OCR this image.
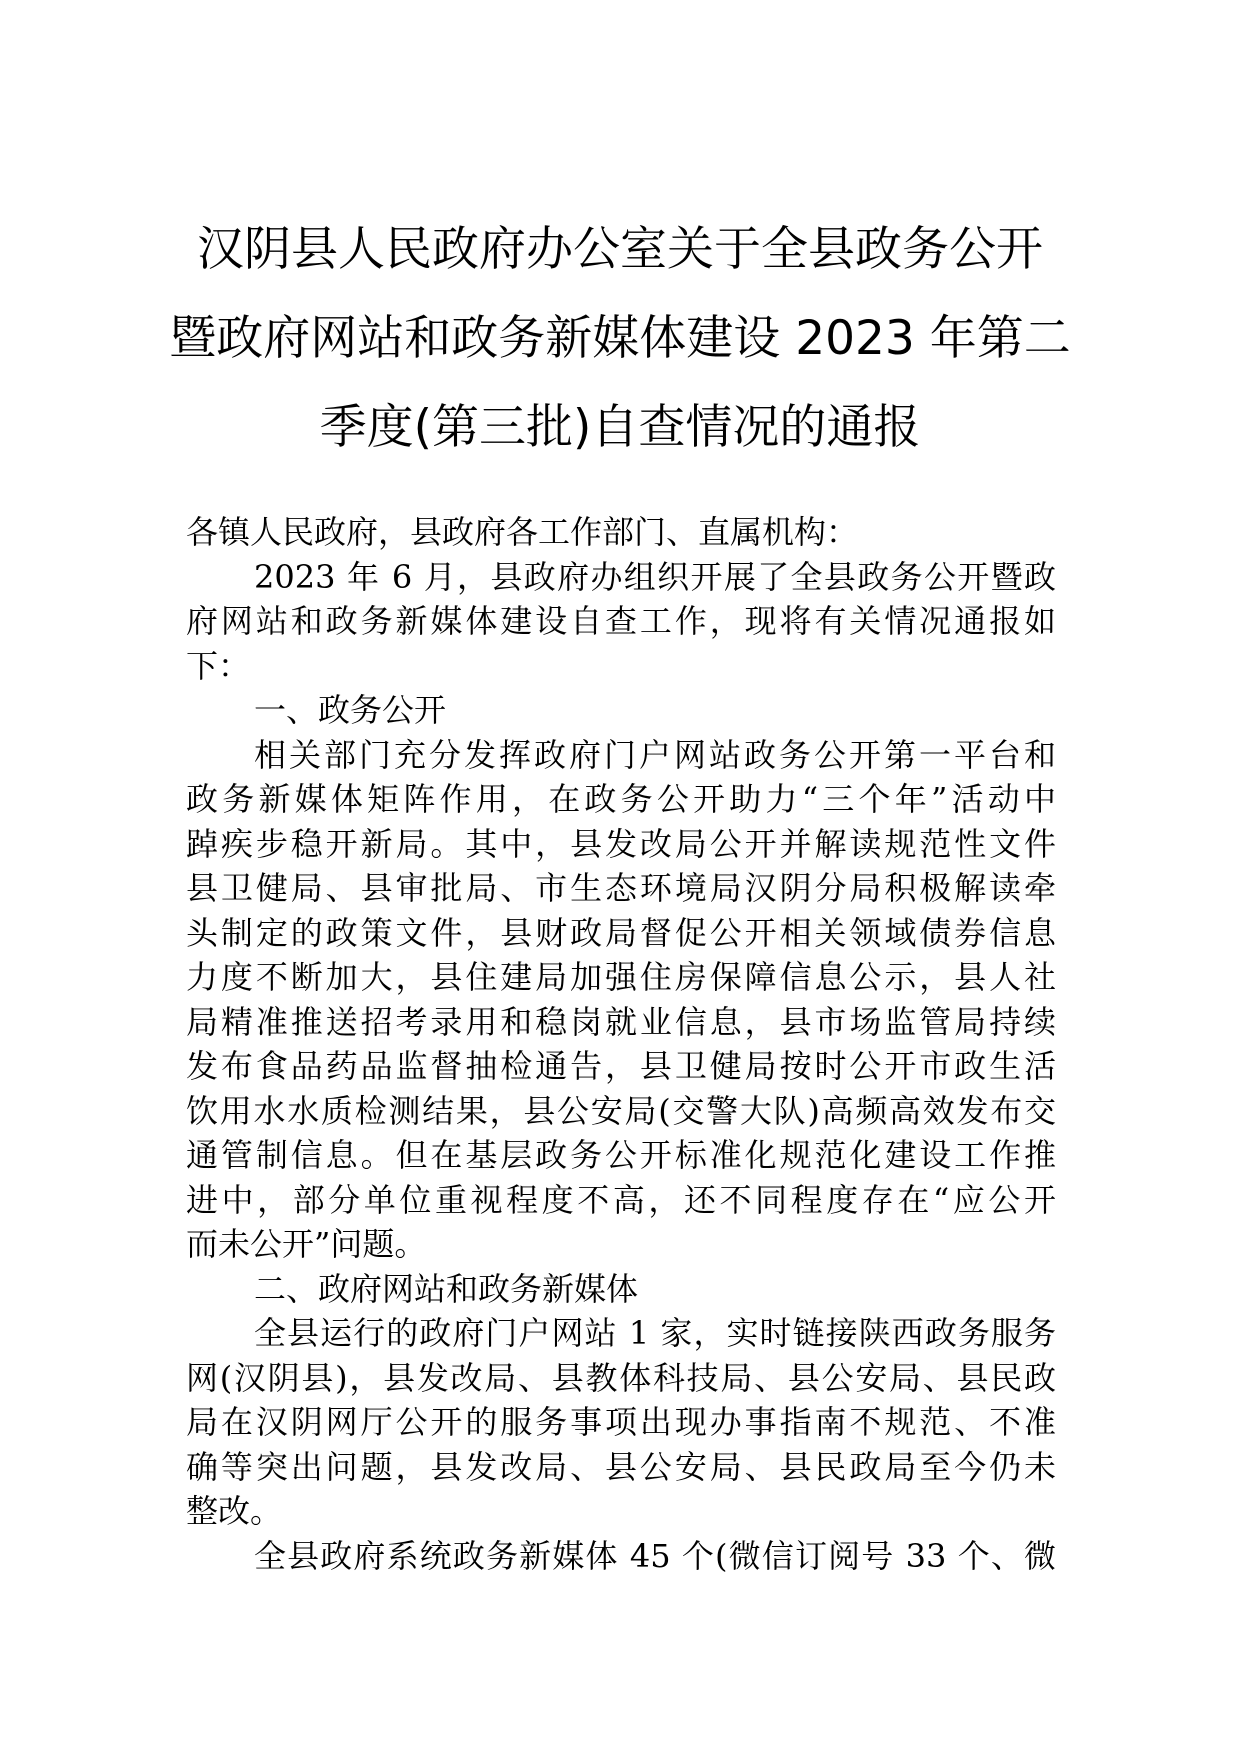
汉阴县人民政府办公室关于全县政务公开
暨政府网站和政务新媒体建设 2023 年第二
季度(第三批)自查情况的通报

各镇人民政府，县政府各工作部门、直属机构：

2023 年 6 月，县政府办组织开展了全县政务公开暨政
府网站和政务新媒体建设自查工作，现将有关情况通报如
下：

一、政务公开

相关部门充分发挥政府门户网站政务公开第一平台和
政务新媒体矩阵作用，在政务公开助力“三个年”活动中
踔疾步稳开新局。其中，县发改局公开并解读规范性文件
县卫健局、县审批局、市生态环境局汉阴分局积极解读牵
头制定的政策文件，县财政局督促公开相关领域债券信息
力度不断加大，县住建局加强住房保障信息公示，县人社
局精准推送招考录用和稳岗就业信息，县市场监管局持续
发布食品药品监督抽检通告，县卫健局按时公开市政生活
饮用水水质检测结果，县公安局(交警大队)高频高效发布交
通管制信息。但在基层政务公开标准化规范化建设工作推
进中，部分单位重视程度不高，还不同程度存在“应公开
而未公开”问题。

二、政府网站和政务新媒体

全县运行的政府门户网站 1 家，实时链接陕西政务服务
网(汉阴县)，县发改局、县教体科技局、县公安局、县民政
局在汉阴网厅公开的服务事项出现办事指南不规范、不准
确等突出问题，县发改局、县公安局、县民政局至今仍未
整改。

全县政府系统政务新媒体 45 个(微信订阅号 33 个、微
